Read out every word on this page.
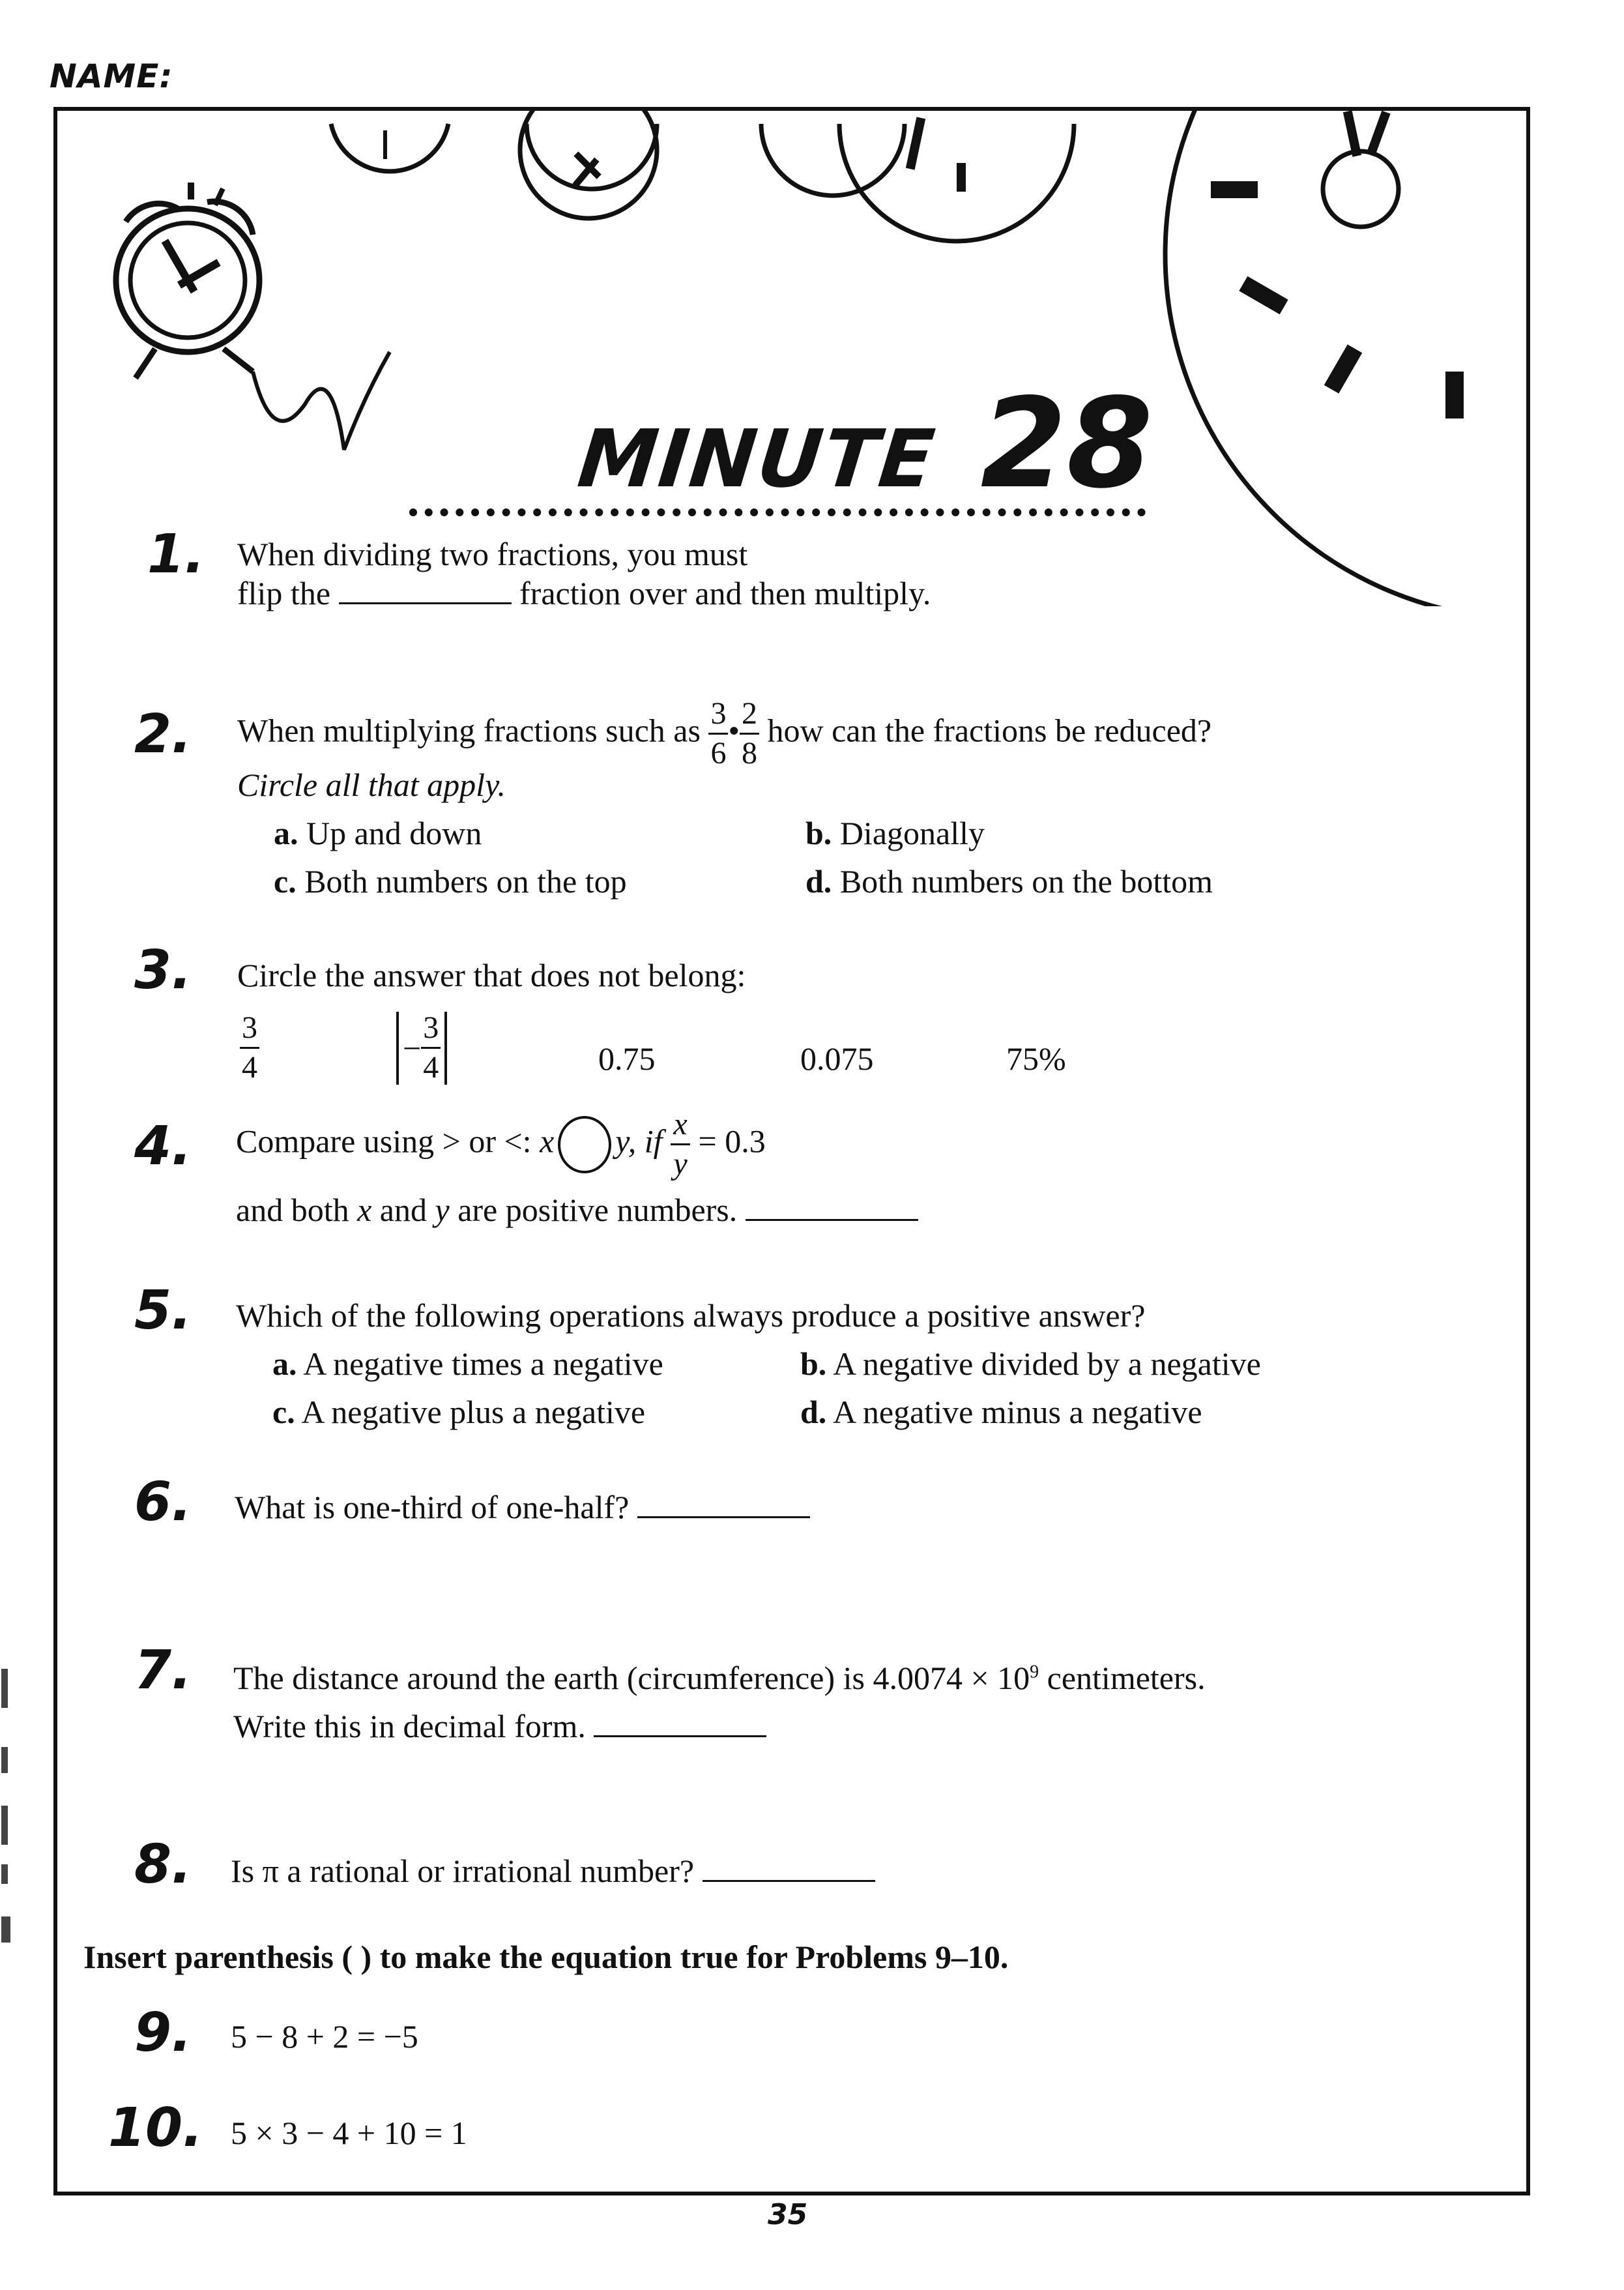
NAME:
MINUTE 28
1. When dividing two fractions, you must
flip the	fraction over and then multiply.
2. When multiplying fractions such as $\frac{3}{6}$ • $\frac{2}{8}$ how can the fractions be reduced?
Circle all that apply.
a. Up and down	b. Diagonally
c. Both numbers on the top	d. Both numbers on the bottom
3. Circle the answer that does not belong:
$\frac{3}{4}$	− $\frac{3}{4}$	0.75	0.075	75%
4. Compare using > or <: x y, if $\frac{x}{y} = 0.3$
and both x and y are positive numbers.
5. Which of the following operations always produce a positive answer?
a. A negative times a negative	b. A negative divided by a negative
c. A negative plus a negative	d. A negative minus a negative
6. What is one-third of one-half?
7. The distance around the earth (circumference) is $4.0074 \times 10^9$ centimeters.
Write this in decimal form.
8. Is π a rational or irrational number?
Insert parenthesis ( ) to make the equation true for Problems 9–10.
9. 5 − 8 + 2 = −5
10. 5 × 3 − 4 + 10 = 1
35
